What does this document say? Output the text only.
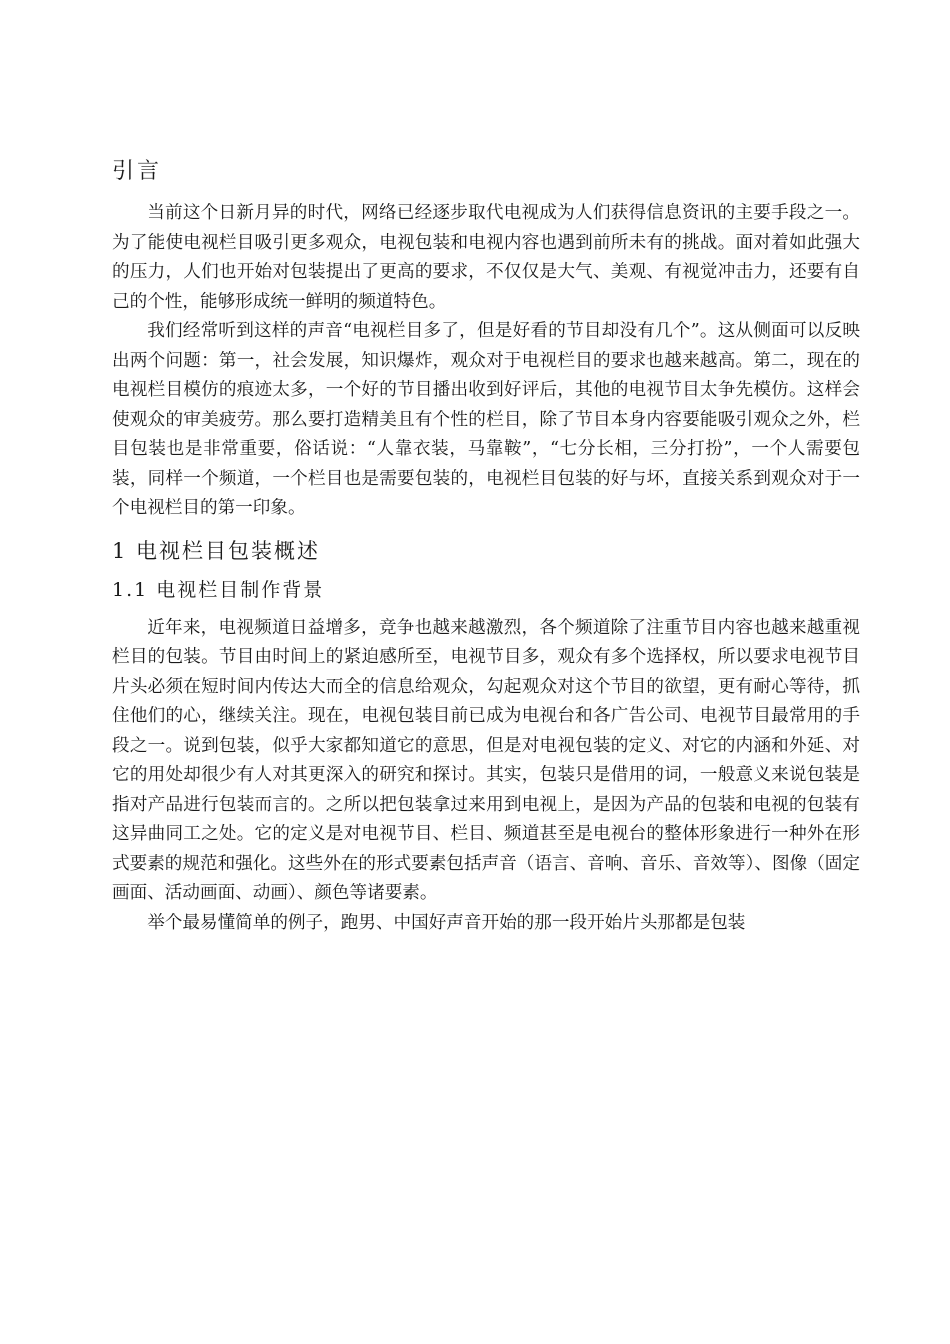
引言

当前这个日新月异的时代，网络已经逐步取代电视成为人们获得信息资讯的主要手段之一。为了能使电视栏目吸引更多观众，电视包装和电视内容也遇到前所未有的挑战。面对着如此强大的压力，人们也开始对包装提出了更高的要求，不仅仅是大气、美观、有视觉冲击力，还要有自己的个性，能够形成统一鲜明的频道特色。

我们经常听到这样的声音“电视栏目多了，但是好看的节目却没有几个”。这从侧面可以反映出两个问题：第一，社会发展，知识爆炸，观众对于电视栏目的要求也越来越高。第二，现在的电视栏目模仿的痕迹太多，一个好的节目播出收到好评后，其他的电视节目太争先模仿。这样会使观众的审美疲劳。那么要打造精美且有个性的栏目，除了节目本身内容要能吸引观众之外，栏目包装也是非常重要，俗话说：“人靠衣装，马靠鞍”，“七分长相，三分打扮”，一个人需要包装，同样一个频道，一个栏目也是需要包装的，电视栏目包装的好与坏，直接关系到观众对于一个电视栏目的第一印象。

1 电视栏目包装概述
1.1 电视栏目制作背景

近年来，电视频道日益增多，竞争也越来越激烈，各个频道除了注重节目内容也越来越重视栏目的包装。节目由时间上的紧迫感所至，电视节目多，观众有多个选择权，所以要求电视节目片头必须在短时间内传达大而全的信息给观众，勾起观众对这个节目的欲望，更有耐心等待，抓住他们的心，继续关注。现在，电视包装目前已成为电视台和各广告公司、电视节目最常用的手段之一。说到包装，似乎大家都知道它的意思，但是对电视包装的定义、对它的内涵和外延、对它的用处却很少有人对其更深入的研究和探讨。其实，包装只是借用的词，一般意义来说包装是指对产品进行包装而言的。之所以把包装拿过来用到电视上，是因为产品的包装和电视的包装有这异曲同工之处。它的定义是对电视节目、栏目、频道甚至是电视台的整体形象进行一种外在形式要素的规范和强化。这些外在的形式要素包括声音（语言、音响、音乐、音效等）、图像（固定画面、活动画面、动画）、颜色等诸要素。

举个最易懂简单的例子，跑男、中国好声音开始的那一段开始片头那都是包装
